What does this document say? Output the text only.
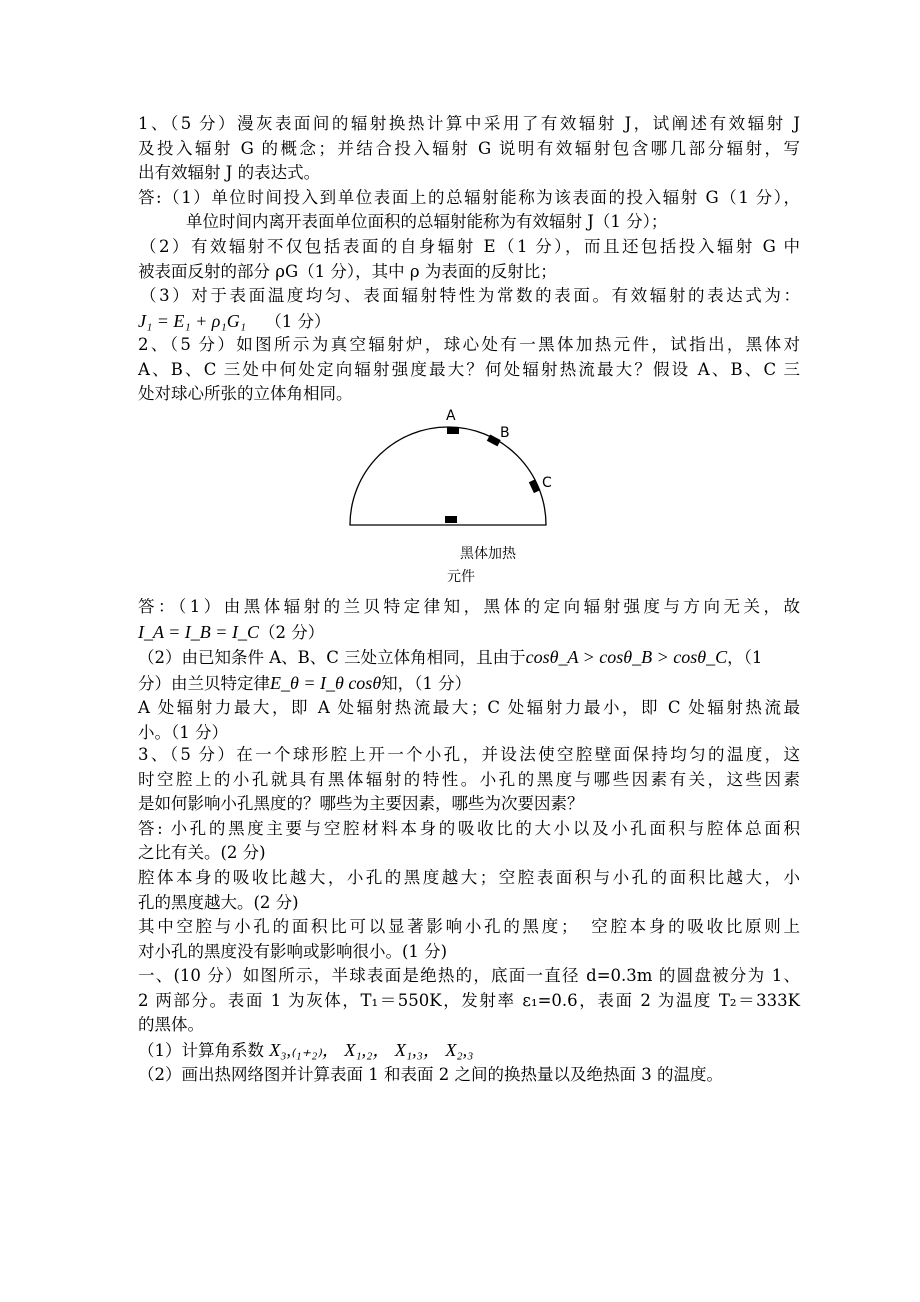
1、（5 分）漫灰表面间的辐射换热计算中采用了有效辐射 J，试阐述有效辐射 J
及投入辐射 G 的概念；并结合投入辐射 G 说明有效辐射包含哪几部分辐射，写
出有效辐射 J 的表达式。
答:（1）单位时间投入到单位表面上的总辐射能称为该表面的投入辐射 G（1 分），
单位时间内离开表面单位面积的总辐射能称为有效辐射 J（1 分）；
（2）有效辐射不仅包括表面的自身辐射 E（1 分），而且还包括投入辐射 G 中
被表面反射的部分 ρG（1 分），其中 ρ 为表面的反射比；
（3）对于表面温度均匀、表面辐射特性为常数的表面。有效辐射的表达式为：
J₁ = E₁ + ρ₁G₁ （1 分）
2、（5 分）如图所示为真空辐射炉，球心处有一黑体加热元件，试指出，黑体对
A、B、C 三处中何处定向辐射强度最大？何处辐射热流最大？假设 A、B、C 三
处对球心所张的立体角相同。
A
B
C
黑体加热
元件
答：（1）由黑体辐射的兰贝特定律知，黑体的定向辐射强度与方向无关，故
I_A = I_B = I_C（2 分）
（2）由已知条件 A、B、C 三处立体角相同，且由于cosθ_A > cosθ_B > cosθ_C，（1
分）由兰贝特定律E_θ = I_θ cosθ知，（1 分）
A 处辐射力最大，即 A 处辐射热流最大；C 处辐射力最小，即 C 处辐射热流最
小。（1 分）
3、（5 分）在一个球形腔上开一个小孔，并设法使空腔壁面保持均匀的温度，这
时空腔上的小孔就具有黑体辐射的特性。小孔的黑度与哪些因素有关，这些因素
是如何影响小孔黑度的？哪些为主要因素，哪些为次要因素？
答: 小孔的黑度主要与空腔材料本身的吸收比的大小以及小孔面积与腔体总面积
之比有关。(2 分)
腔体本身的吸收比越大，小孔的黑度越大；空腔表面积与小孔的面积比越大，小
孔的黑度越大。(2 分)
其中空腔与小孔的面积比可以显著影响小孔的黑度；　空腔本身的吸收比原则上
对小孔的黑度没有影响或影响很小。(1 分)
一、(10 分）如图所示，半球表面是绝热的，底面一直径 d=0.3m 的圆盘被分为 1、
2 两部分。表面 1 为灰体，T₁＝550K，发射率 ε₁=0.6，表面 2 为温度 T₂＝333K
的黑体。
（1）计算角系数 X₃,₍₁₊₂₎， X₁,₂， X₁,₃， X₂,₃
（2）画出热网络图并计算表面 1 和表面 2 之间的换热量以及绝热面 3 的温度。
